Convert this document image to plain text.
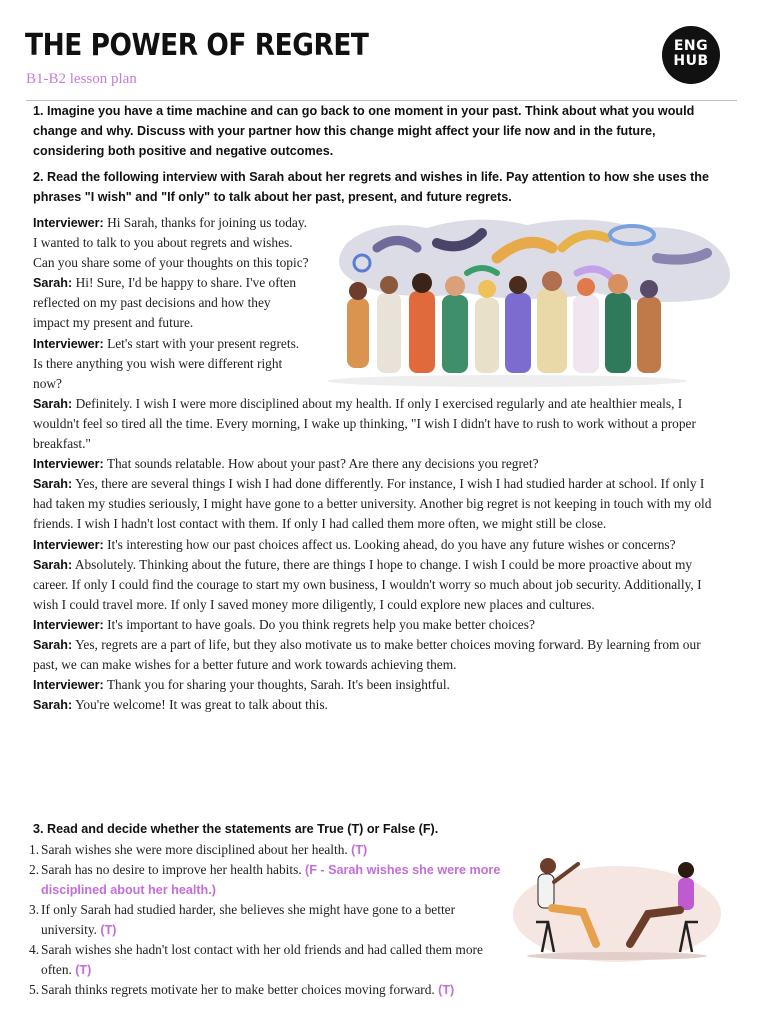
THE POWER OF REGRET
B1-B2 lesson plan
ENG
HUB
1. Imagine you have a time machine and can go back to one moment in your past. Think about what you would change and why. Discuss with your partner how this change might affect your life now and in the future, considering both positive and negative outcomes.
2. Read the following interview with Sarah about her regrets and wishes in life. Pay attention to how she uses the phrases "I wish" and "If only" to talk about her past, present, and future regrets.
Interviewer: Hi Sarah, thanks for joining us today. I wanted to talk to you about regrets and wishes. Can you share some of your thoughts on this topic?
Sarah: Hi! Sure, I'd be happy to share. I've often reflected on my past decisions and how they impact my present and future.
Interviewer: Let's start with your present regrets. Is there anything you wish were different right now?
Sarah: Definitely. I wish I were more disciplined about my health. If only I exercised regularly and ate healthier meals, I wouldn't feel so tired all the time. Every morning, I wake up thinking, "I wish I didn't have to rush to work without a proper breakfast."
Interviewer: That sounds relatable. How about your past? Are there any decisions you regret?
Sarah: Yes, there are several things I wish I had done differently. For instance, I wish I had studied harder at school. If only I had taken my studies seriously, I might have gone to a better university. Another big regret is not keeping in touch with my old friends. I wish I hadn't lost contact with them. If only I had called them more often, we might still be close.
Interviewer: It's interesting how our past choices affect us. Looking ahead, do you have any future wishes or concerns?
Sarah: Absolutely. Thinking about the future, there are things I hope to change. I wish I could be more proactive about my career. If only I could find the courage to start my own business, I wouldn't worry so much about job security. Additionally, I wish I could travel more. If only I saved money more diligently, I could explore new places and cultures.
Interviewer: It's important to have goals. Do you think regrets help you make better choices?
Sarah: Yes, regrets are a part of life, but they also motivate us to make better choices moving forward. By learning from our past, we can make wishes for a better future and work towards achieving them.
Interviewer: Thank you for sharing your thoughts, Sarah. It's been insightful.
Sarah: You're welcome! It was great to talk about this.
3. Read and decide whether the statements are True (T) or False (F).
1. Sarah wishes she were more disciplined about her health. (T)
2. Sarah has no desire to improve her health habits. (F - Sarah wishes she were more disciplined about her health.)
3. If only Sarah had studied harder, she believes she might have gone to a better university. (T)
4. Sarah wishes she hadn't lost contact with her old friends and had called them more often. (T)
5. Sarah thinks regrets motivate her to make better choices moving forward. (T)
